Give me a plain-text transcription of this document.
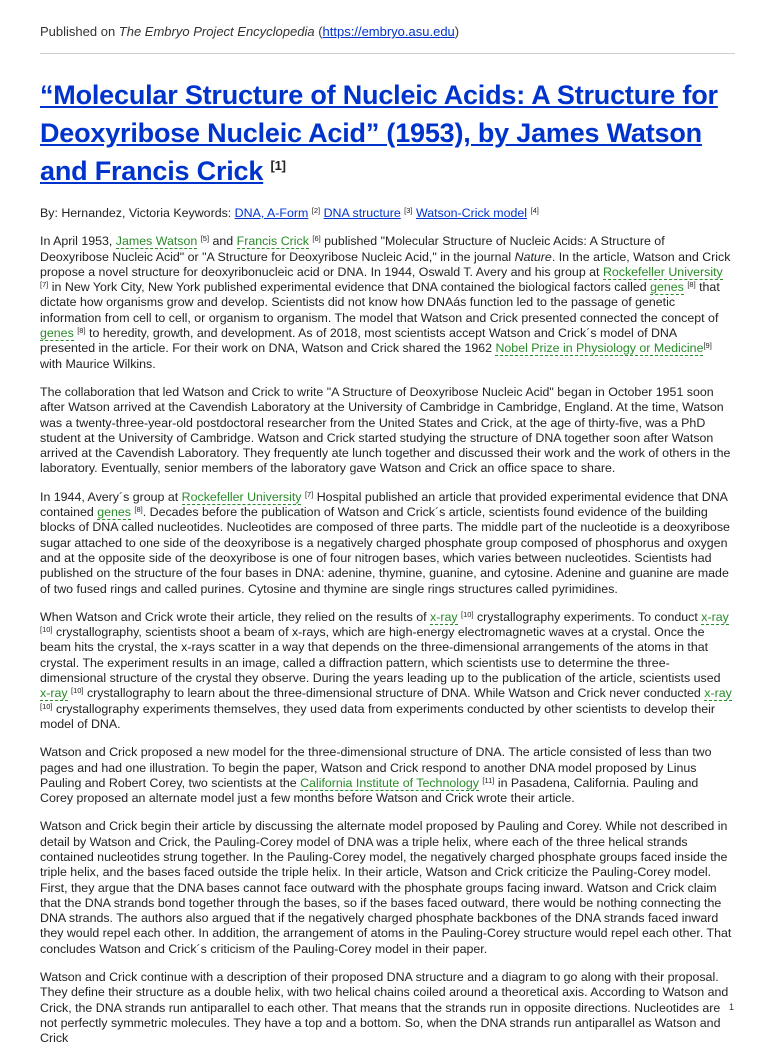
Published on The Embryo Project Encyclopedia (https://embryo.asu.edu)
“Molecular Structure of Nucleic Acids: A Structure for Deoxyribose Nucleic Acid” (1953), by James Watson and Francis Crick [1]

By: Hernandez, Victoria Keywords: DNA, A-Form [2] DNA structure [3] Watson-Crick model [4]

In April 1953, James Watson [5] and Francis Crick [6] published "Molecular Structure of Nucleic Acids: A Structure of Deoxyribose Nucleic Acid" or "A Structure for Deoxyribose Nucleic Acid," in the journal Nature. In the article, Watson and Crick propose a novel structure for deoxyribonucleic acid or DNA. In 1944, Oswald T. Avery and his group at Rockefeller University [7] in New York City, New York published experimental evidence that DNA contained the biological factors called genes [8] that dictate how organisms grow and develop. Scientists did not know how DNAás function led to the passage of genetic information from cell to cell, or organism to organism. The model that Watson and Crick presented connected the concept of genes [8] to heredity, growth, and development. As of 2018, most scientists accept Watson and Crick´s model of DNA presented in the article. For their work on DNA, Watson and Crick shared the 1962 Nobel Prize in Physiology or Medicine[9] with Maurice Wilkins.

The collaboration that led Watson and Crick to write "A Structure of Deoxyribose Nucleic Acid" began in October 1951 soon after Watson arrived at the Cavendish Laboratory at the University of Cambridge in Cambridge, England. At the time, Watson was a twenty-three-year-old postdoctoral researcher from the United States and Crick, at the age of thirty-five, was a PhD student at the University of Cambridge. Watson and Crick started studying the structure of DNA together soon after Watson arrived at the Cavendish Laboratory. They frequently ate lunch together and discussed their work and the work of others in the laboratory. Eventually, senior members of the laboratory gave Watson and Crick an office space to share.

In 1944, Avery´s group at Rockefeller University [7] Hospital published an article that provided experimental evidence that DNA contained genes [8]. Decades before the publication of Watson and Crick´s article, scientists found evidence of the building blocks of DNA called nucleotides. Nucleotides are composed of three parts. The middle part of the nucleotide is a deoxyribose sugar attached to one side of the deoxyribose is a negatively charged phosphate group composed of phosphorus and oxygen and at the opposite side of the deoxyribose is one of four nitrogen bases, which varies between nucleotides. Scientists had published on the structure of the four bases in DNA: adenine, thymine, guanine, and cytosine. Adenine and guanine are made of two fused rings and called purines. Cytosine and thymine are single rings structures called pyrimidines.

When Watson and Crick wrote their article, they relied on the results of x-ray [10] crystallography experiments. To conduct x-ray [10] crystallography, scientists shoot a beam of x-rays, which are high-energy electromagnetic waves at a crystal. Once the beam hits the crystal, the x-rays scatter in a way that depends on the three-dimensional arrangements of the atoms in that crystal. The experiment results in an image, called a diffraction pattern, which scientists use to determine the three-dimensional structure of the crystal they observe. During the years leading up to the publication of the article, scientists used x-ray [10] crystallography to learn about the three-dimensional structure of DNA. While Watson and Crick never conducted x-ray [10] crystallography experiments themselves, they used data from experiments conducted by other scientists to develop their model of DNA.

Watson and Crick proposed a new model for the three-dimensional structure of DNA. The article consisted of less than two pages and had one illustration. To begin the paper, Watson and Crick respond to another DNA model proposed by Linus Pauling and Robert Corey, two scientists at the California Institute of Technology [11] in Pasadena, California. Pauling and Corey proposed an alternate model just a few months before Watson and Crick wrote their article.

Watson and Crick begin their article by discussing the alternate model proposed by Pauling and Corey. While not described in detail by Watson and Crick, the Pauling-Corey model of DNA was a triple helix, where each of the three helical strands contained nucleotides strung together. In the Pauling-Corey model, the negatively charged phosphate groups faced inside the triple helix, and the bases faced outside the triple helix. In their article, Watson and Crick criticize the Pauling-Corey model. First, they argue that the DNA bases cannot face outward with the phosphate groups facing inward. Watson and Crick claim that the DNA strands bond together through the bases, so if the bases faced outward, there would be nothing connecting the DNA strands. The authors also argued that if the negatively charged phosphate backbones of the DNA strands faced inward they would repel each other. In addition, the arrangement of atoms in the Pauling-Corey structure would repel each other. That concludes Watson and Crick´s criticism of the Pauling-Corey model in their paper.

Watson and Crick continue with a description of their proposed DNA structure and a diagram to go along with their proposal. They define their structure as a double helix, with two helical chains coiled around a theoretical axis. According to Watson and Crick, the DNA strands run antiparallel to each other. That means that the strands run in opposite directions. Nucleotides are not perfectly symmetric molecules. They have a top and a bottom. So, when the DNA strands run antiparallel as Watson and Crick

1
